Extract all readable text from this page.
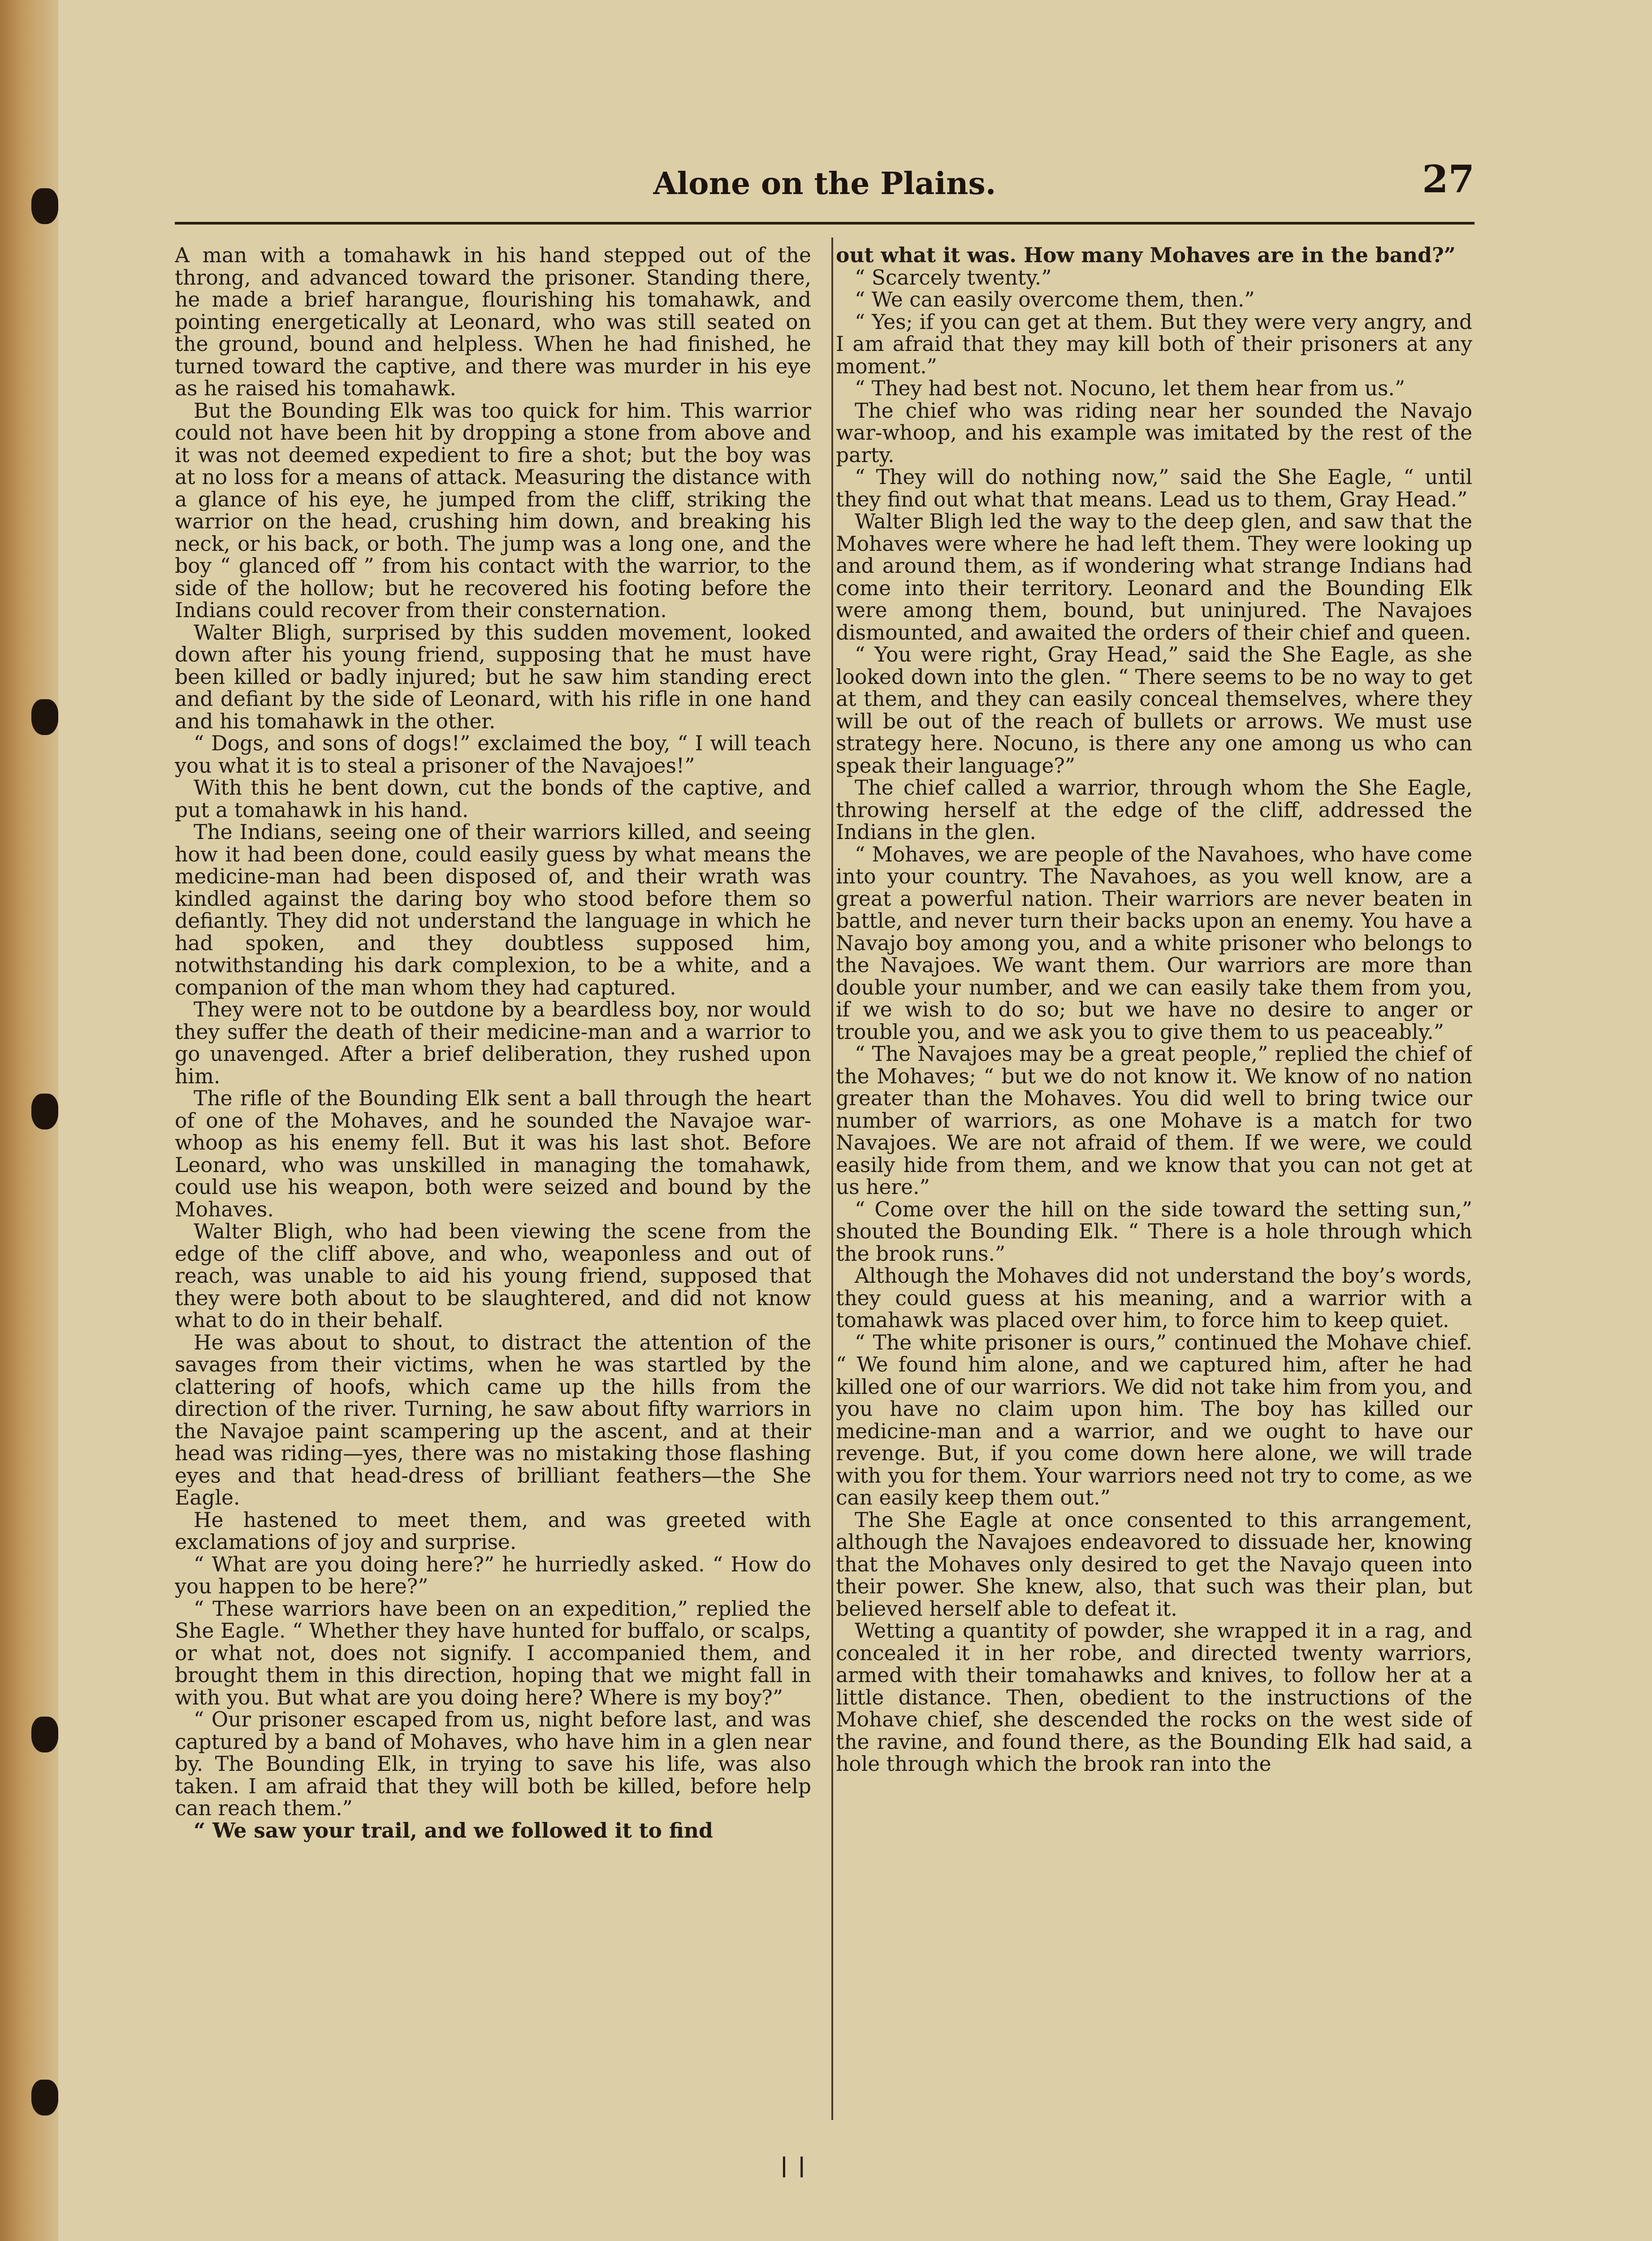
Alone on the Plains.	27

A man with a tomahawk in his hand stepped out of the throng, and advanced toward the prisoner. Standing there, he made a brief harangue, flourishing his tomahawk, and pointing energetically at Leonard, who was still seated on the ground, bound and helpless. When he had finished, he turned toward the captive, and there was murder in his eye as he raised his tomahawk.

But the Bounding Elk was too quick for him. This warrior could not have been hit by dropping a stone from above and it was not deemed expedient to fire a shot; but the boy was at no loss for a means of attack. Measuring the distance with a glance of his eye, he jumped from the cliff, striking the warrior on the head, crushing him down, and breaking his neck, or his back, or both. The jump was a long one, and the boy “ glanced off ” from his contact with the warrior, to the side of the hollow; but he recovered his footing before the Indians could recover from their consternation.

Walter Bligh, surprised by this sudden movement, looked down after his young friend, supposing that he must have been killed or badly injured; but he saw him standing erect and defiant by the side of Leonard, with his rifle in one hand and his tomahawk in the other.

“ Dogs, and sons of dogs!” exclaimed the boy, “ I will teach you what it is to steal a prisoner of the Navajoes!”

With this he bent down, cut the bonds of the captive, and put a tomahawk in his hand.

The Indians, seeing one of their warriors killed, and seeing how it had been done, could easily guess by what means the medicine-man had been disposed of, and their wrath was kindled against the daring boy who stood before them so defiantly. They did not understand the language in which he had spoken, and they doubtless supposed him, notwithstanding his dark complexion, to be a white, and a companion of the man whom they had captured.

They were not to be outdone by a beardless boy, nor would they suffer the death of their medicine-man and a warrior to go unavenged. After a brief deliberation, they rushed upon him.

The rifle of the Bounding Elk sent a ball through the heart of one of the Mohaves, and he sounded the Navajoe war-whoop as his enemy fell. But it was his last shot. Before Leonard, who was unskilled in managing the tomahawk, could use his weapon, both were seized and bound by the Mohaves.

Walter Bligh, who had been viewing the scene from the edge of the cliff above, and who, weaponless and out of reach, was unable to aid his young friend, supposed that they were both about to be slaughtered, and did not know what to do in their behalf.

He was about to shout, to distract the attention of the savages from their victims, when he was startled by the clattering of hoofs, which came up the hills from the direction of the river. Turning, he saw about fifty warriors in the Navajoe paint scampering up the ascent, and at their head was riding—yes, there was no mistaking those flashing eyes and that head-dress of brilliant feathers—the She Eagle.

He hastened to meet them, and was greeted with exclamations of joy and surprise.

“ What are you doing here?” he hurriedly asked. “ How do you happen to be here?”

“ These warriors have been on an expedition,” replied the She Eagle. “ Whether they have hunted for buffalo, or scalps, or what not, does not signify. I accompanied them, and brought them in this direction, hoping that we might fall in with you. But what are you doing here? Where is my boy?”

“ Our prisoner escaped from us, night before last, and was captured by a band of Mohaves, who have him in a glen near by. The Bounding Elk, in trying to save his life, was also taken. I am afraid that they will both be killed, before help can reach them.”

“ We saw your trail, and we followed it to find

out what it was. How many Mohaves are in the band?”

“ Scarcely twenty.”

“ We can easily overcome them, then.”

“ Yes; if you can get at them. But they were very angry, and I am afraid that they may kill both of their prisoners at any moment.”

“ They had best not. Nocuno, let them hear from us.”

The chief who was riding near her sounded the Navajo war-whoop, and his example was imitated by the rest of the party.

“ They will do nothing now,” said the She Eagle, “ until they find out what that means. Lead us to them, Gray Head.”

Walter Bligh led the way to the deep glen, and saw that the Mohaves were where he had left them. They were looking up and around them, as if wondering what strange Indians had come into their territory. Leonard and the Bounding Elk were among them, bound, but uninjured. The Navajoes dismounted, and awaited the orders of their chief and queen.

“ You were right, Gray Head,” said the She Eagle, as she looked down into the glen. “ There seems to be no way to get at them, and they can easily conceal themselves, where they will be out of the reach of bullets or arrows. We must use strategy here. Nocuno, is there any one among us who can speak their language?”

The chief called a warrior, through whom the She Eagle, throwing herself at the edge of the cliff, addressed the Indians in the glen.

“ Mohaves, we are people of the Navahoes, who have come into your country. The Navahoes, as you well know, are a great a powerful nation. Their warriors are never beaten in battle, and never turn their backs upon an enemy. You have a Navajo boy among you, and a white prisoner who belongs to the Navajoes. We want them. Our warriors are more than double your number, and we can easily take them from you, if we wish to do so; but we have no desire to anger or trouble you, and we ask you to give them to us peaceably.”

“ The Navajoes may be a great people,” replied the chief of the Mohaves; “ but we do not know it. We know of no nation greater than the Mohaves. You did well to bring twice our number of warriors, as one Mohave is a match for two Navajoes. We are not afraid of them. If we were, we could easily hide from them, and we know that you can not get at us here.”

“ Come over the hill on the side toward the setting sun,” shouted the Bounding Elk. “ There is a hole through which the brook runs.”

Although the Mohaves did not understand the boy’s words, they could guess at his meaning, and a warrior with a tomahawk was placed over him, to force him to keep quiet.

“ The white prisoner is ours,” continued the Mohave chief. “ We found him alone, and we captured him, after he had killed one of our warriors. We did not take him from you, and you have no claim upon him. The boy has killed our medicine-man and a warrior, and we ought to have our revenge. But, if you come down here alone, we will trade with you for them. Your warriors need not try to come, as we can easily keep them out.”

The She Eagle at once consented to this arrangement, although the Navajoes endeavored to dissuade her, knowing that the Mohaves only desired to get the Navajo queen into their power. She knew, also, that such was their plan, but believed herself able to defeat it.

Wetting a quantity of powder, she wrapped it in a rag, and concealed it in her robe, and directed twenty warriors, armed with their tomahawks and knives, to follow her at a little distance. Then, obedient to the instructions of the Mohave chief, she descended the rocks on the west side of the ravine, and found there, as the Bounding Elk had said, a hole through which the brook ran into the

ǀ ǀ
